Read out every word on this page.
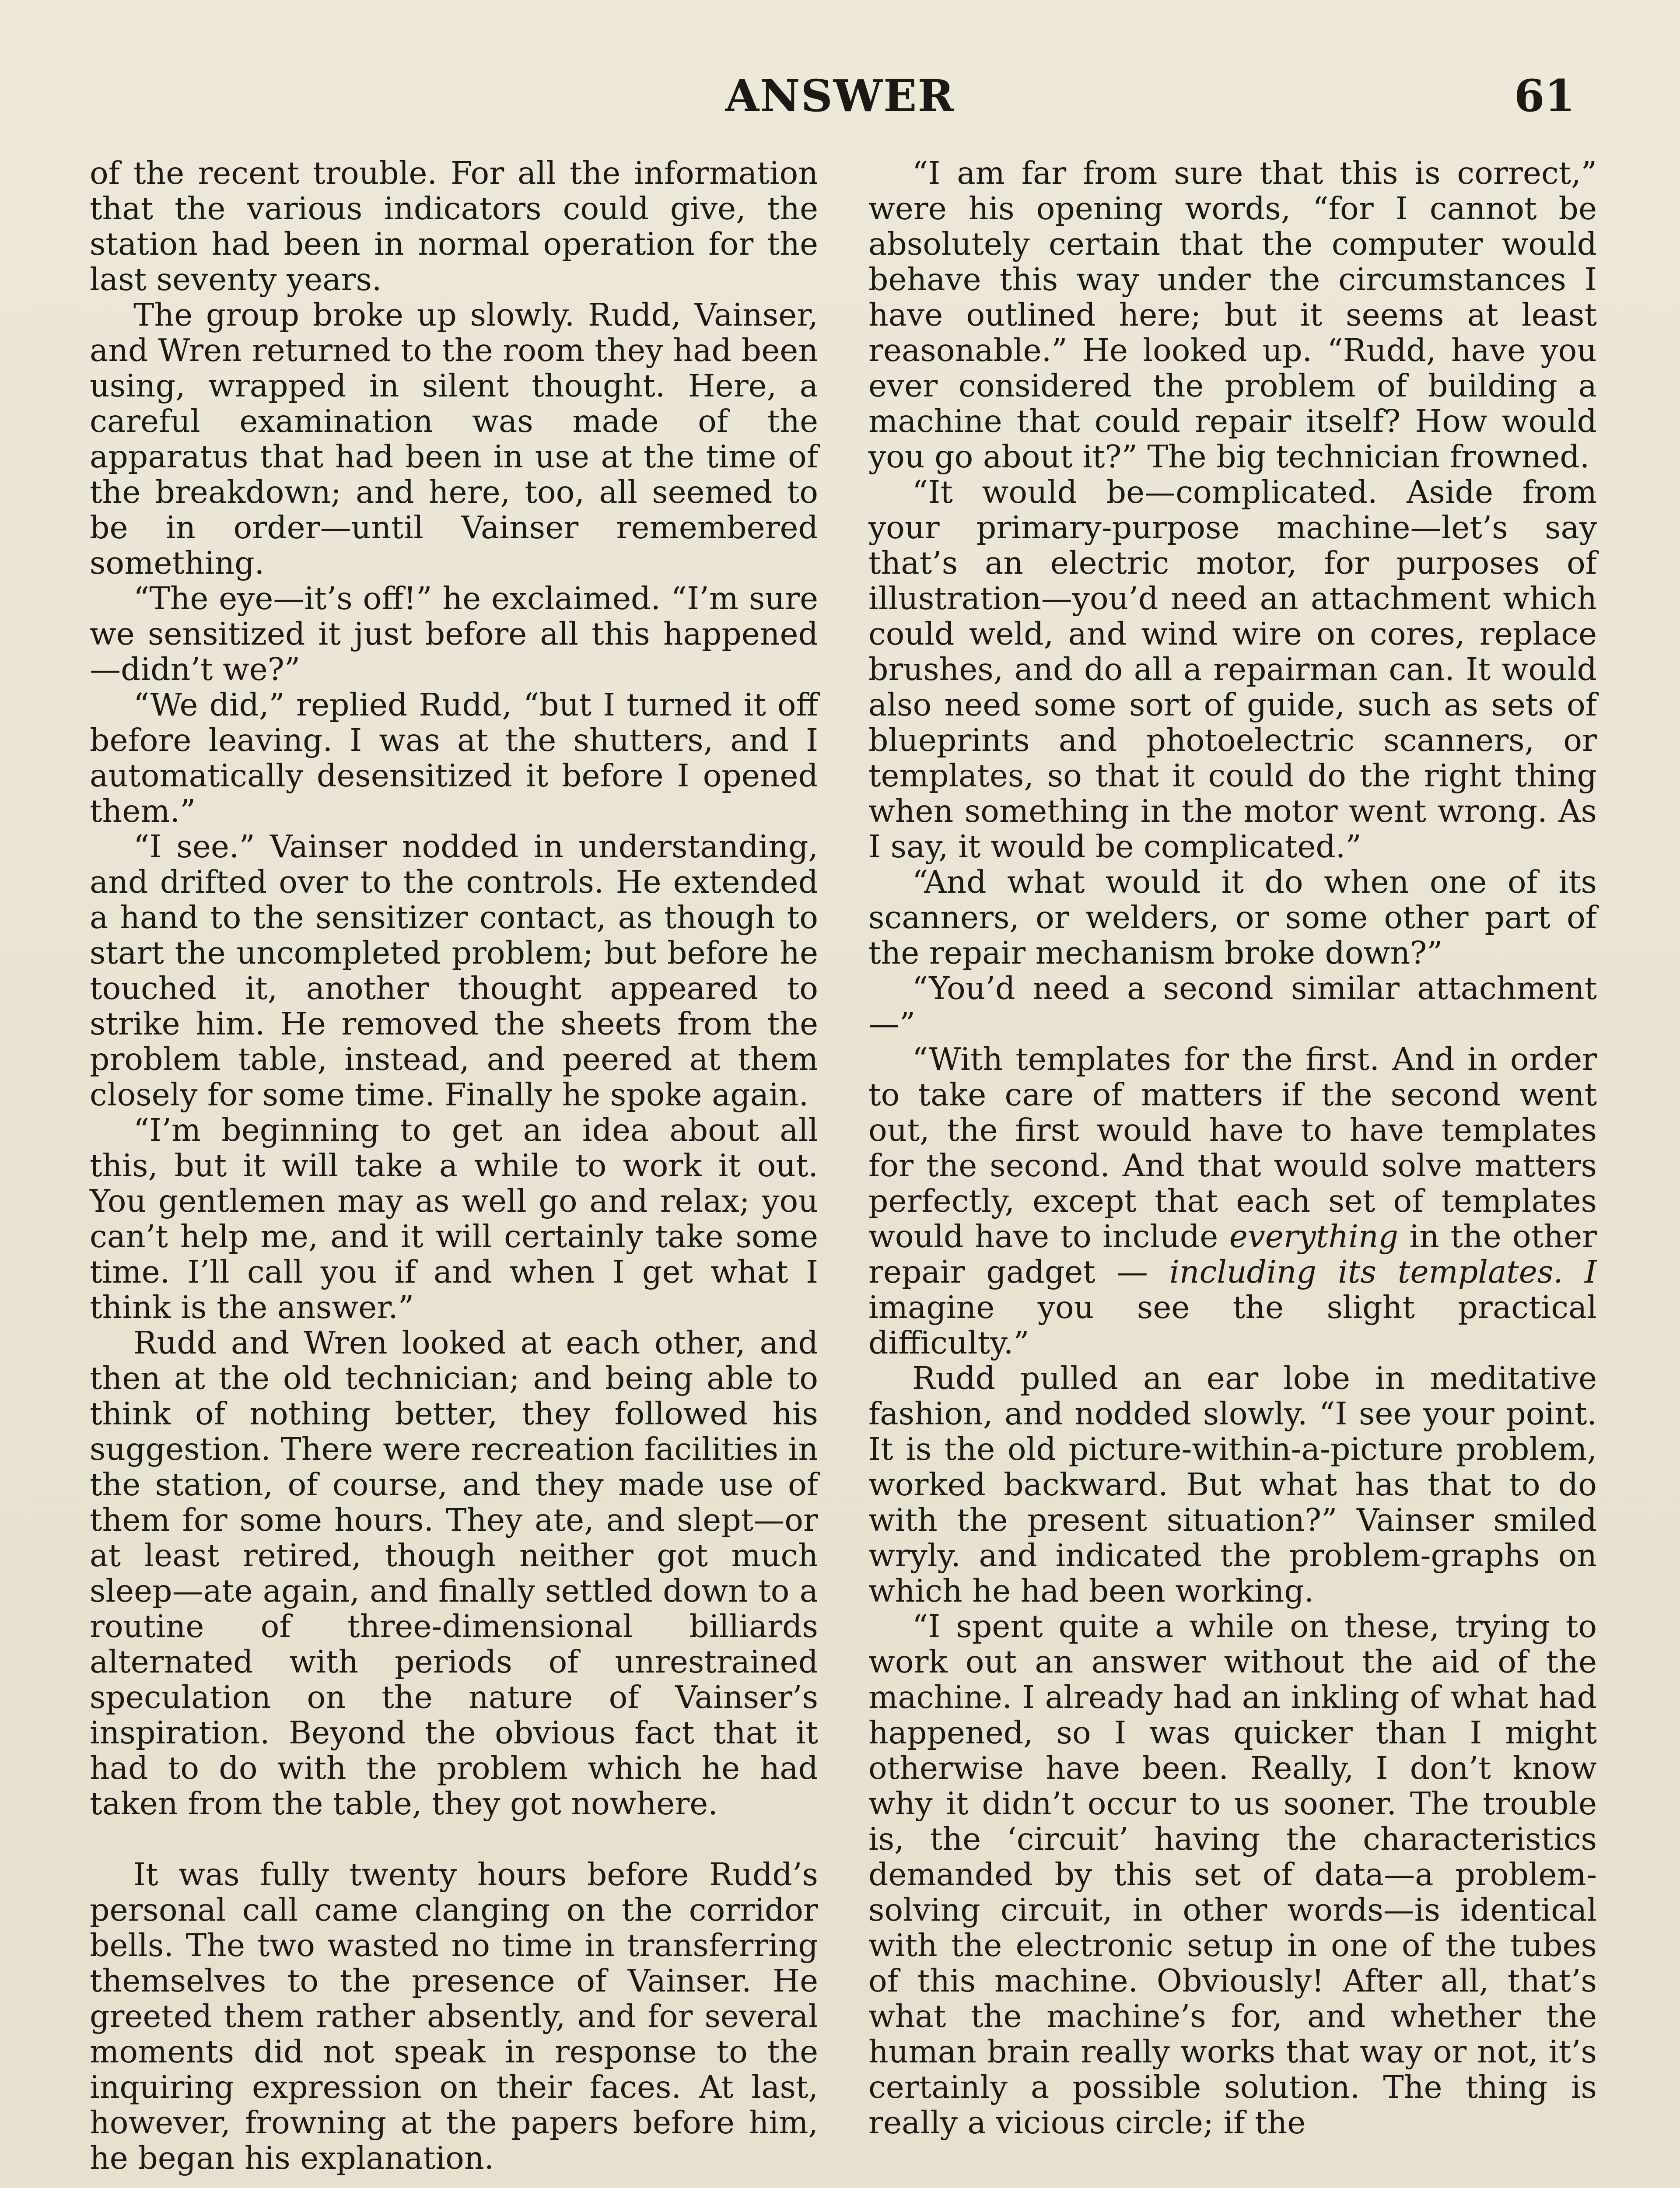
ANSWER	61

of the recent trouble. For all the information that the various indicators could give, the station had been in normal operation for the last seventy years.

The group broke up slowly. Rudd, Vainser, and Wren returned to the room they had been using, wrapped in silent thought. Here, a careful examination was made of the apparatus that had been in use at the time of the breakdown; and here, too, all seemed to be in order—until Vainser remembered something.

“The eye—it’s off!” he exclaimed. “I’m sure we sensitized it just before all this happened—didn’t we?”

“We did,” replied Rudd, “but I turned it off before leaving. I was at the shutters, and I automatically desensitized it before I opened them.”

“I see.” Vainser nodded in understanding, and drifted over to the controls. He extended a hand to the sensitizer contact, as though to start the uncompleted problem; but before he touched it, another thought appeared to strike him. He removed the sheets from the problem table, instead, and peered at them closely for some time. Finally he spoke again.

“I’m beginning to get an idea about all this, but it will take a while to work it out. You gentlemen may as well go and relax; you can’t help me, and it will certainly take some time. I’ll call you if and when I get what I think is the answer.”

Rudd and Wren looked at each other, and then at the old technician; and being able to think of nothing better, they followed his suggestion. There were recreation facilities in the station, of course, and they made use of them for some hours. They ate, and slept—or at least retired, though neither got much sleep—ate again, and finally settled down to a routine of three-dimensional billiards alternated with periods of unrestrained speculation on the nature of Vainser’s inspiration. Beyond the obvious fact that it had to do with the problem which he had taken from the table, they got nowhere.

It was fully twenty hours before Rudd’s personal call came clanging on the corridor bells. The two wasted no time in transferring themselves to the presence of Vainser. He greeted them rather absently, and for several moments did not speak in response to the inquiring expression on their faces. At last, however, frowning at the papers before him, he began his explanation.

“I am far from sure that this is correct,” were his opening words, “for I cannot be absolutely certain that the computer would behave this way under the circumstances I have outlined here; but it seems at least reasonable.” He looked up. “Rudd, have you ever considered the problem of building a machine that could repair itself? How would you go about it?” The big technician frowned.

“It would be—complicated. Aside from your primary-purpose machine—let’s say that’s an electric motor, for purposes of illustration—you’d need an attachment which could weld, and wind wire on cores, replace brushes, and do all a repairman can. It would also need some sort of guide, such as sets of blueprints and photoelectric scanners, or templates, so that it could do the right thing when something in the motor went wrong. As I say, it would be complicated.”

“And what would it do when one of its scanners, or welders, or some other part of the repair mechanism broke down?”

“You’d need a second similar attachment—”

“With templates for the first. And in order to take care of matters if the second went out, the first would have to have templates for the second. And that would solve matters perfectly, except that each set of templates would have to include everything in the other repair gadget — including its templates. I imagine you see the slight practical difficulty.”

Rudd pulled an ear lobe in meditative fashion, and nodded slowly. “I see your point. It is the old picture-within-a-picture problem, worked backward. But what has that to do with the present situation?” Vainser smiled wryly. and indicated the problem-graphs on which he had been working.

“I spent quite a while on these, trying to work out an answer without the aid of the machine. I already had an inkling of what had happened, so I was quicker than I might otherwise have been. Really, I don’t know why it didn’t occur to us sooner. The trouble is, the ‘circuit’ having the characteristics demanded by this set of data—a problem-solving circuit, in other words—is identical with the electronic setup in one of the tubes of this machine. Obviously! After all, that’s what the machine’s for, and whether the human brain really works that way or not, it’s certainly a possible solution. The thing is really a vicious circle; if the
